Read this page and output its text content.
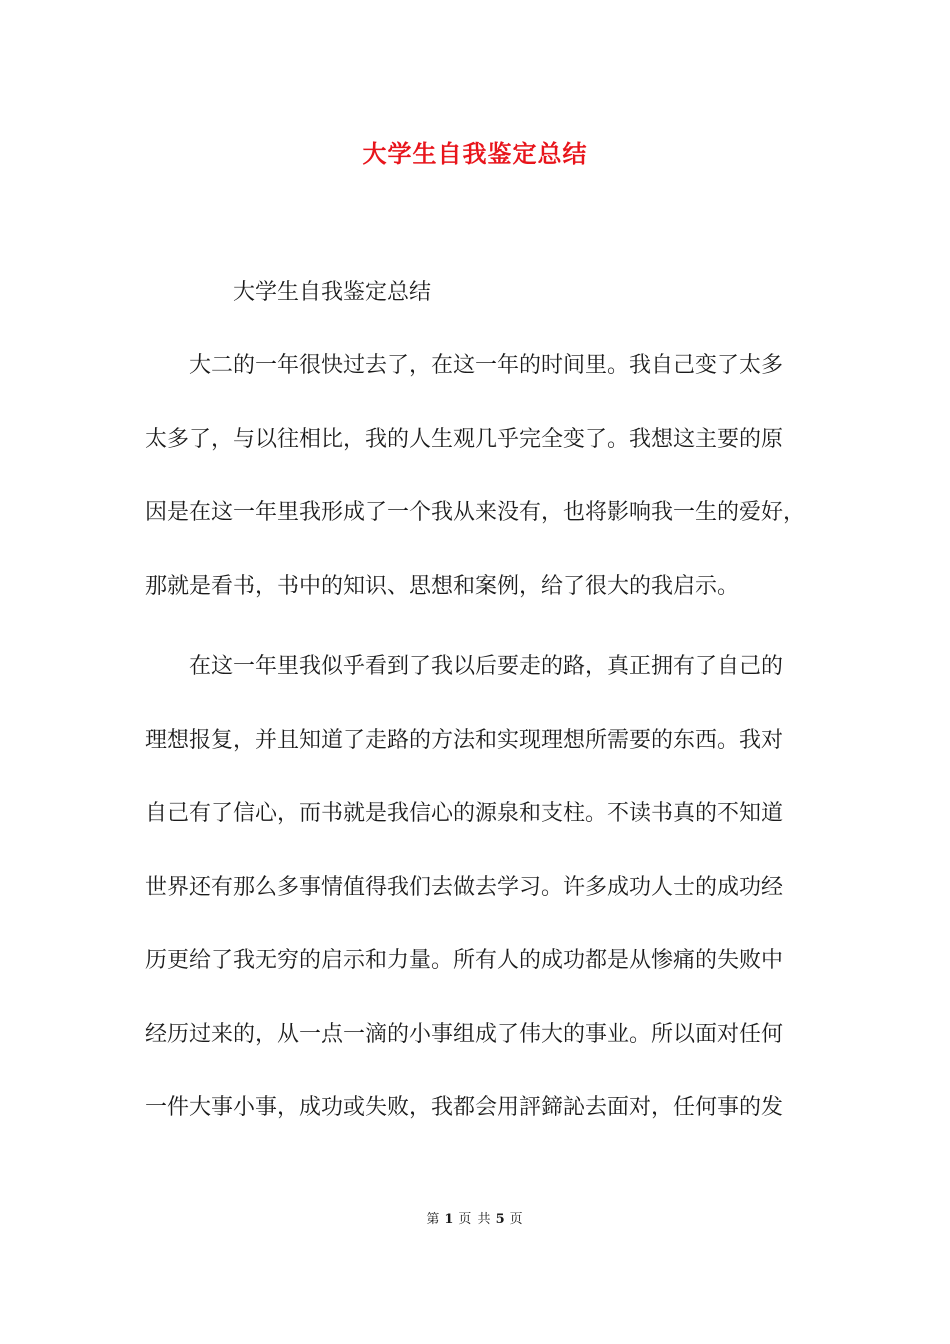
大学生自我鉴定总结

大学生自我鉴定总结

大二的一年很快过去了，在这一年的时间里。我自己变了太多
太多了，与以往相比，我的人生观几乎完全变了。我想这主要的原
因是在这一年里我形成了一个我从来没有，也将影响我一生的爱好，
那就是看书，书中的知识、思想和案例，给了很大的我启示。

在这一年里我似乎看到了我以后要走的路，真正拥有了自己的
理想报复，并且知道了走路的方法和实现理想所需要的东西。我对
自己有了信心，而书就是我信心的源泉和支柱。不读书真的不知道
世界还有那么多事情值得我们去做去学习。许多成功人士的成功经
历更给了我无穷的启示和力量。所有人的成功都是从惨痛的失败中
经历过来的，从一点一滴的小事组成了伟大的事业。所以面对任何
一件大事小事，成功或失败，我都会用評鍗訫去面对，任何事的发

第 1 页 共 5 页
